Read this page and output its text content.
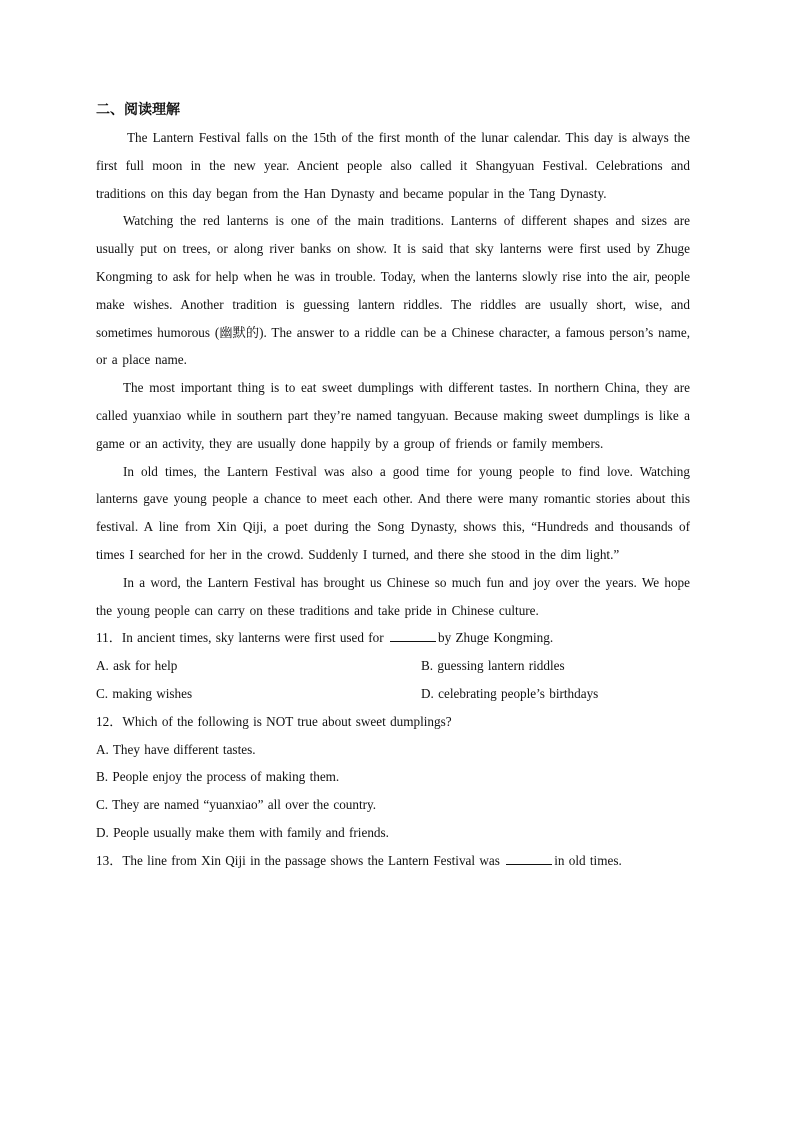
二、阅读理解

The Lantern Festival falls on the 15th of the first month of the lunar calendar. This day is always the first full moon in the new year. Ancient people also called it Shangyuan Festival. Celebrations and traditions on this day began from the Han Dynasty and became popular in the Tang Dynasty.

Watching the red lanterns is one of the main traditions. Lanterns of different shapes and sizes are usually put on trees, or along river banks on show. It is said that sky lanterns were first used by Zhuge Kongming to ask for help when he was in trouble. Today, when the lanterns slowly rise into the air, people make wishes. Another tradition is guessing lantern riddles. The riddles are usually short, wise, and sometimes humorous (幽默的). The answer to a riddle can be a Chinese character, a famous person’s name, or a place name.

The most important thing is to eat sweet dumplings with different tastes. In northern China, they are called yuanxiao while in southern part they’re named tangyuan. Because making sweet dumplings is like a game or an activity, they are usually done happily by a group of friends or family members.

In old times, the Lantern Festival was also a good time for young people to find love. Watching lanterns gave young people a chance to meet each other. And there were many romantic stories about this festival. A line from Xin Qiji, a poet during the Song Dynasty, shows this, “Hundreds and thousands of times I searched for her in the crowd. Suddenly I turned, and there she stood in the dim light.”

In a word, the Lantern Festival has brought us Chinese so much fun and joy over the years. We hope the young people can carry on these traditions and take pride in Chinese culture.

11．In ancient times, sky lanterns were first used for	by Zhuge Kongming.

A. ask for help	B. guessing lantern riddles

C. making wishes	D. celebrating people’s birthdays

12．Which of the following is NOT true about sweet dumplings?

A. They have different tastes.

B. People enjoy the process of making them.

C. They are named “yuanxiao” all over the country.

D. People usually make them with family and friends.

13．The line from Xin Qiji in the passage shows the Lantern Festival was	in old times.
